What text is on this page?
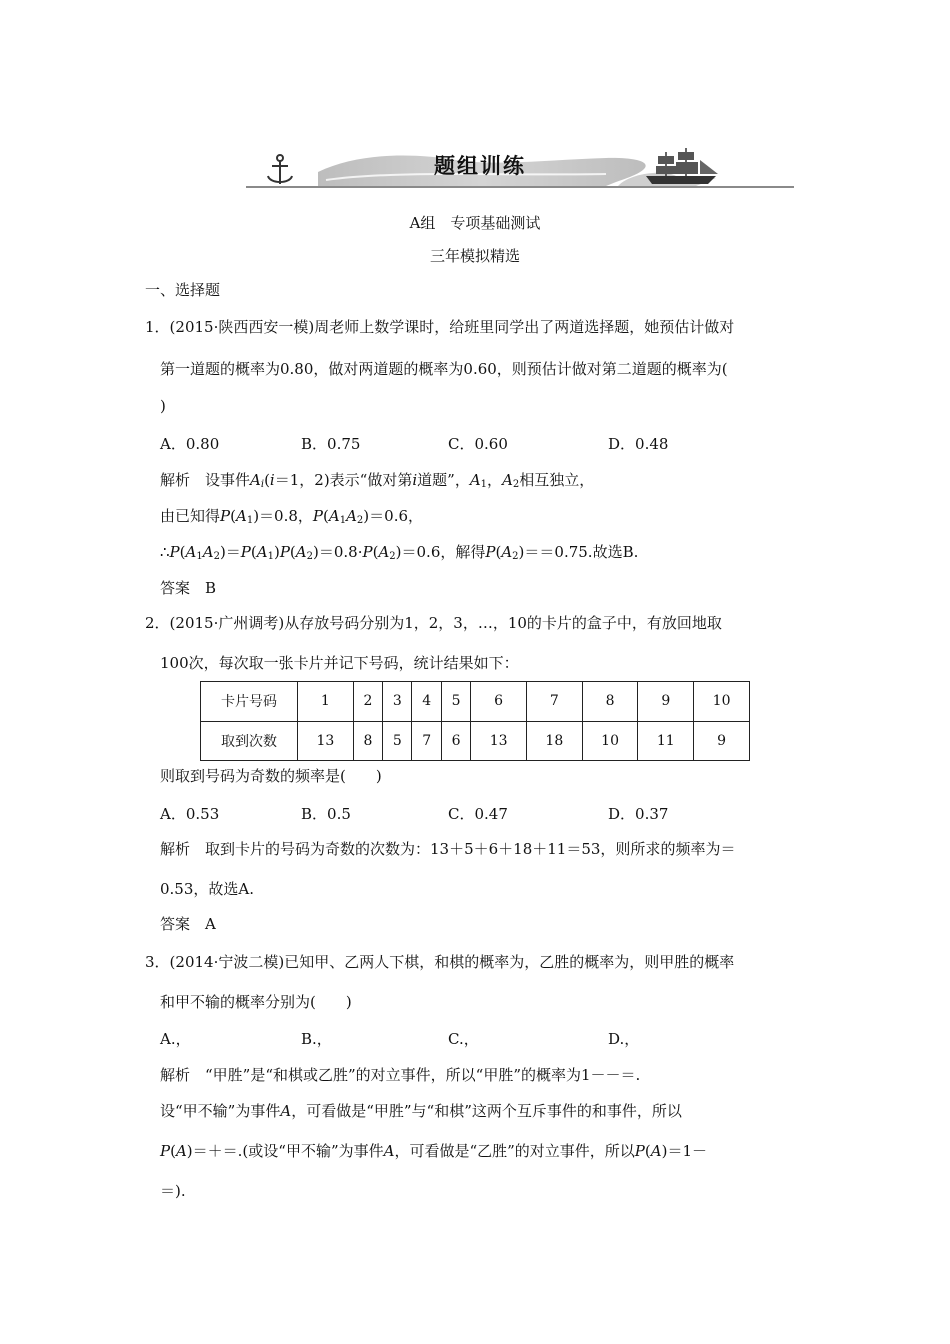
题组训练
A组　专项基础测试
三年模拟精选
一、选择题
1．(2015·陕西西安一模)周老师上数学课时，给班里同学出了两道选择题，她预估计做对
第一道题的概率为0.80，做对两道题的概率为0.60，则预估计做对第二道题的概率为(
)
A．0.80	B．0.75	C．0.60	D．0.48
解析　设事件Ai(i＝1，2)表示“做对第i道题”，A1，A2相互独立，
由已知得P(A1)＝0.8，P(A1A2)＝0.6，
∴P(A1A2)＝P(A1)P(A2)＝0.8·P(A2)＝0.6，解得P(A2)＝＝0.75.故选B.
答案　B
2．(2015·广州调考)从存放号码分别为1，2，3，…，10的卡片的盒子中，有放回地取
100次，每次取一张卡片并记下号码，统计结果如下：
卡片号码	1	2	3	4	5	6	7	8	9	10
取到次数	13	8	5	7	6	13	18	10	11	9
则取到号码为奇数的频率是(　　)
A．0.53	B．0.5	C．0.47	D．0.37
解析　取到卡片的号码为奇数的次数为：13＋5＋6＋18＋11＝53，则所求的频率为＝
0.53，故选A.
答案　A
3．(2014·宁波二模)已知甲、乙两人下棋，和棋的概率为，乙胜的概率为，则甲胜的概率
和甲不输的概率分别为(　　)
A.，	B.，	C.，	D.，
解析　“甲胜”是“和棋或乙胜”的对立事件，所以“甲胜”的概率为1－－＝.
设“甲不输”为事件A，可看做是“甲胜”与“和棋”这两个互斥事件的和事件，所以
P(A)＝＋＝.(或设“甲不输”为事件A，可看做是“乙胜”的对立事件，所以P(A)＝1－
＝).
